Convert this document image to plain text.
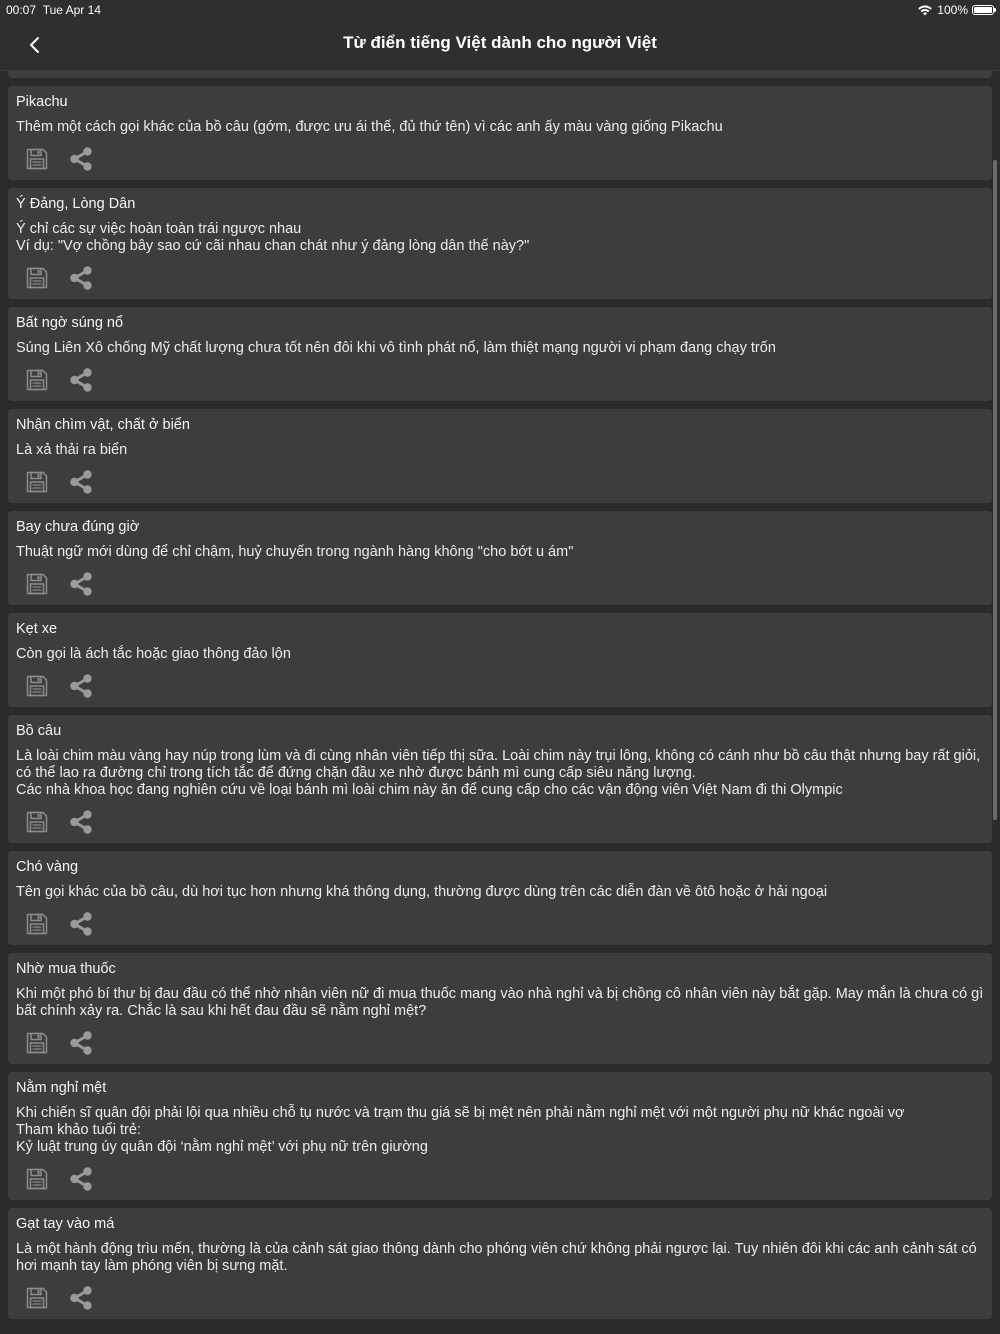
00:07 Tue Apr 14	100%
Từ điển tiếng Việt dành cho người Việt
Pikachu
Thêm một cách gọi khác của bồ câu (gớm, được ưu ái thế, đủ thứ tên) vì các anh ấy màu vàng giống Pikachu
Ý Đảng, Lòng Dân
Ý chỉ các sự việc hoàn toàn trái ngược nhau
Ví dụ: "Vợ chồng bây sao cứ cãi nhau chan chát như ý đảng lòng dân thế này?"
Bất ngờ súng nổ
Súng Liên Xô chống Mỹ chất lượng chưa tốt nên đôi khi vô tình phát nổ, làm thiệt mạng người vi phạm đang chạy trốn
Nhận chìm vật, chất ở biển
Là xả thải ra biển
Bay chưa đúng giờ
Thuật ngữ mới dùng để chỉ chậm, huỷ chuyến trong ngành hàng không "cho bớt u ám"
Kẹt xe
Còn gọi là ách tắc hoặc giao thông đảo lộn
Bồ câu
Là loài chim màu vàng hay núp trong lùm và đi cùng nhân viên tiếp thị sữa. Loài chim này trụi lông, không có cánh như bồ câu thật nhưng bay rất giỏi, có thể lao ra đường chỉ trong tích tắc để đứng chặn đầu xe nhờ được bánh mì cung cấp siêu năng lượng.
Các nhà khoa học đang nghiên cứu về loại bánh mì loài chim này ăn để cung cấp cho các vận động viên Việt Nam đi thi Olympic
Chó vàng
Tên gọi khác của bồ câu, dù hơi tục hơn nhưng khá thông dụng, thường được dùng trên các diễn đàn về ôtô hoặc ở hải ngoại
Nhờ mua thuốc
Khi một phó bí thư bị đau đầu có thể nhờ nhân viên nữ đi mua thuốc mang vào nhà nghỉ và bị chồng cô nhân viên này bắt gặp. May mắn là chưa có gì bất chính xảy ra. Chắc là sau khi hết đau đầu sẽ nằm nghỉ mệt?
Nằm nghỉ mệt
Khi chiến sĩ quân đội phải lội qua nhiều chỗ tụ nước và trạm thu giá sẽ bị mệt nên phải nằm nghỉ mệt với một người phụ nữ khác ngoài vợ
Tham khảo tuổi trẻ:
Kỷ luật trung úy quân đội ‘nằm nghỉ mệt’ với phụ nữ trên giường
Gạt tay vào má
Là một hành động trìu mến, thường là của cảnh sát giao thông dành cho phóng viên chứ không phải ngược lại. Tuy nhiên đôi khi các anh cảnh sát có hơi mạnh tay làm phóng viên bị sưng mặt.
